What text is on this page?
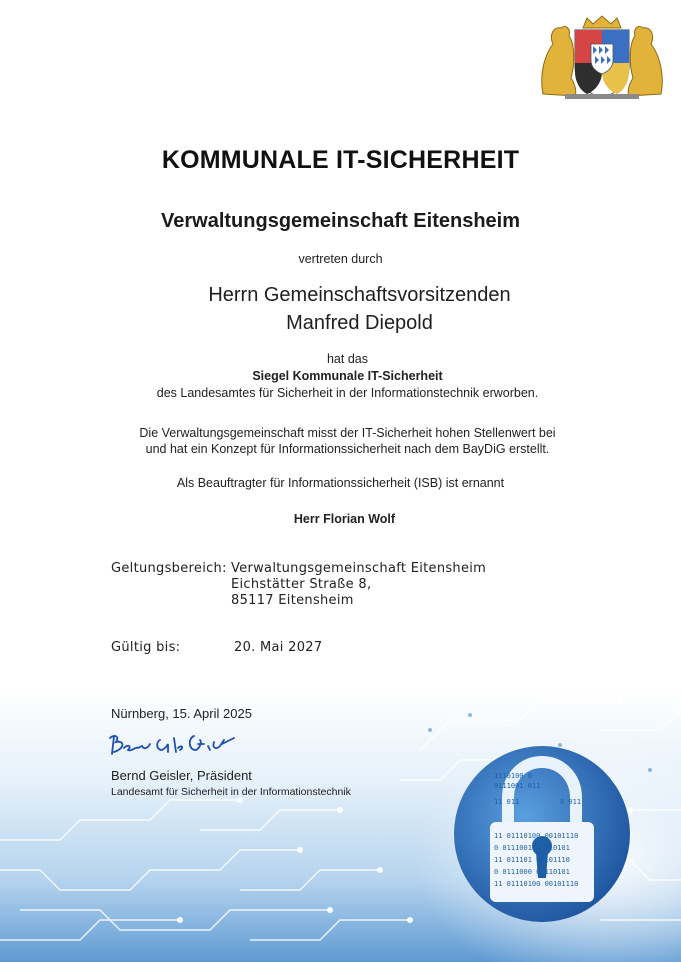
KOMMUNALE IT-SICHERHEIT
Verwaltungsgemeinschaft Eitensheim
vertreten durch
Herrn Gemeinschaftsvorsitzenden
Manfred Diepold
hat das
Siegel Kommunale IT-Sicherheit
des Landesamtes für Sicherheit in der Informationstechnik erworben.
Die Verwaltungsgemeinschaft misst der IT-Sicherheit hohen Stellenwert bei
und hat ein Konzept für Informationssicherheit nach dem BayDiG erstellt.
Als Beauftragter für Informationssicherheit (ISB) ist ernannt
Herr Florian Wolf
Geltungsbereich: Verwaltungsgemeinschaft Eitensheim
Eichstätter Straße 8,
85117 Eitensheim
Gültig bis:	20. Mai 2027
1110100 0
0111001 011
11 011	0 011
11 01110100 00101110
0 0111001 01110101
11 011101 00101110
0 0111000 01110101
11 01110100 00101110
Nürnberg, 15. April 2025
Bernd Geisler, Präsident
Landesamt für Sicherheit in der Informationstechnik
